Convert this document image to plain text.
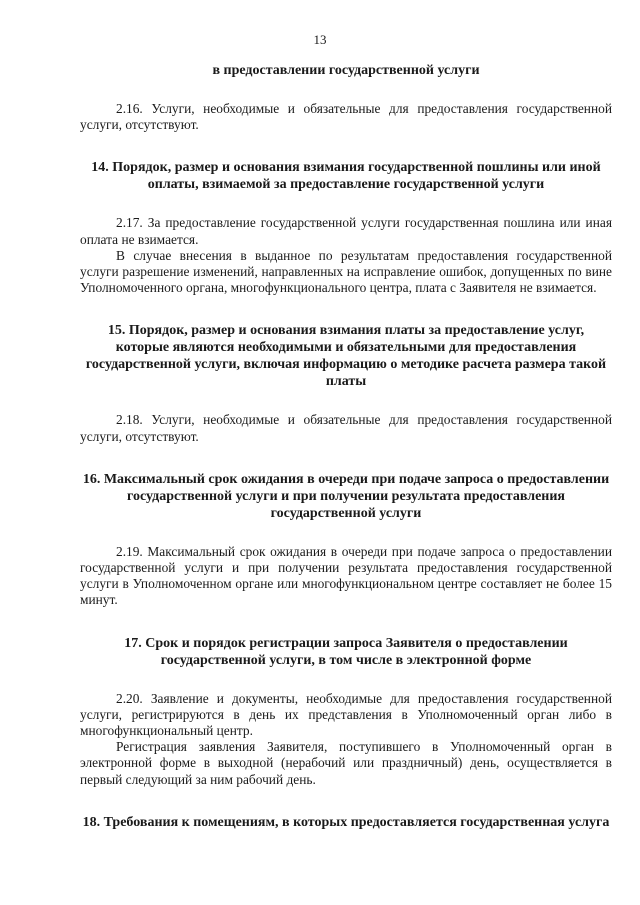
13

в предоставлении государственной услуги

2.16. Услуги, необходимые и обязательные для предоставления государственной услуги, отсутствуют.

14. Порядок, размер и основания взимания государственной пошлины или иной оплаты, взимаемой за предоставление государственной услуги

2.17. За предоставление государственной услуги государственная пошлина или иная оплата не взимается.

В случае внесения в выданное по результатам предоставления государственной услуги разрешение изменений, направленных на исправление ошибок, допущенных по вине Уполномоченного органа, многофункционального центра, плата с Заявителя не взимается.

15. Порядок, размер и основания взимания платы за предоставление услуг, которые являются необходимыми и обязательными для предоставления государственной услуги, включая информацию о методике расчета размера такой платы

2.18. Услуги, необходимые и обязательные для предоставления государственной услуги, отсутствуют.

16. Максимальный срок ожидания в очереди при подаче запроса о предоставлении государственной услуги и при получении результата предоставления государственной услуги

2.19. Максимальный срок ожидания в очереди при подаче запроса о предоставлении государственной услуги и при получении результата предоставления государственной услуги в Уполномоченном органе или многофункциональном центре составляет не более 15 минут.

17. Срок и порядок регистрации запроса Заявителя о предоставлении государственной услуги, в том числе в электронной форме

2.20. Заявление и документы, необходимые для предоставления государственной услуги, регистрируются в день их представления в Уполномоченный орган либо в многофункциональный центр.

Регистрация заявления Заявителя, поступившего в Уполномоченный орган в электронной форме в выходной (нерабочий или праздничный) день, осуществляется в первый следующий за ним рабочий день.

18. Требования к помещениям, в которых предоставляется государственная услуга
